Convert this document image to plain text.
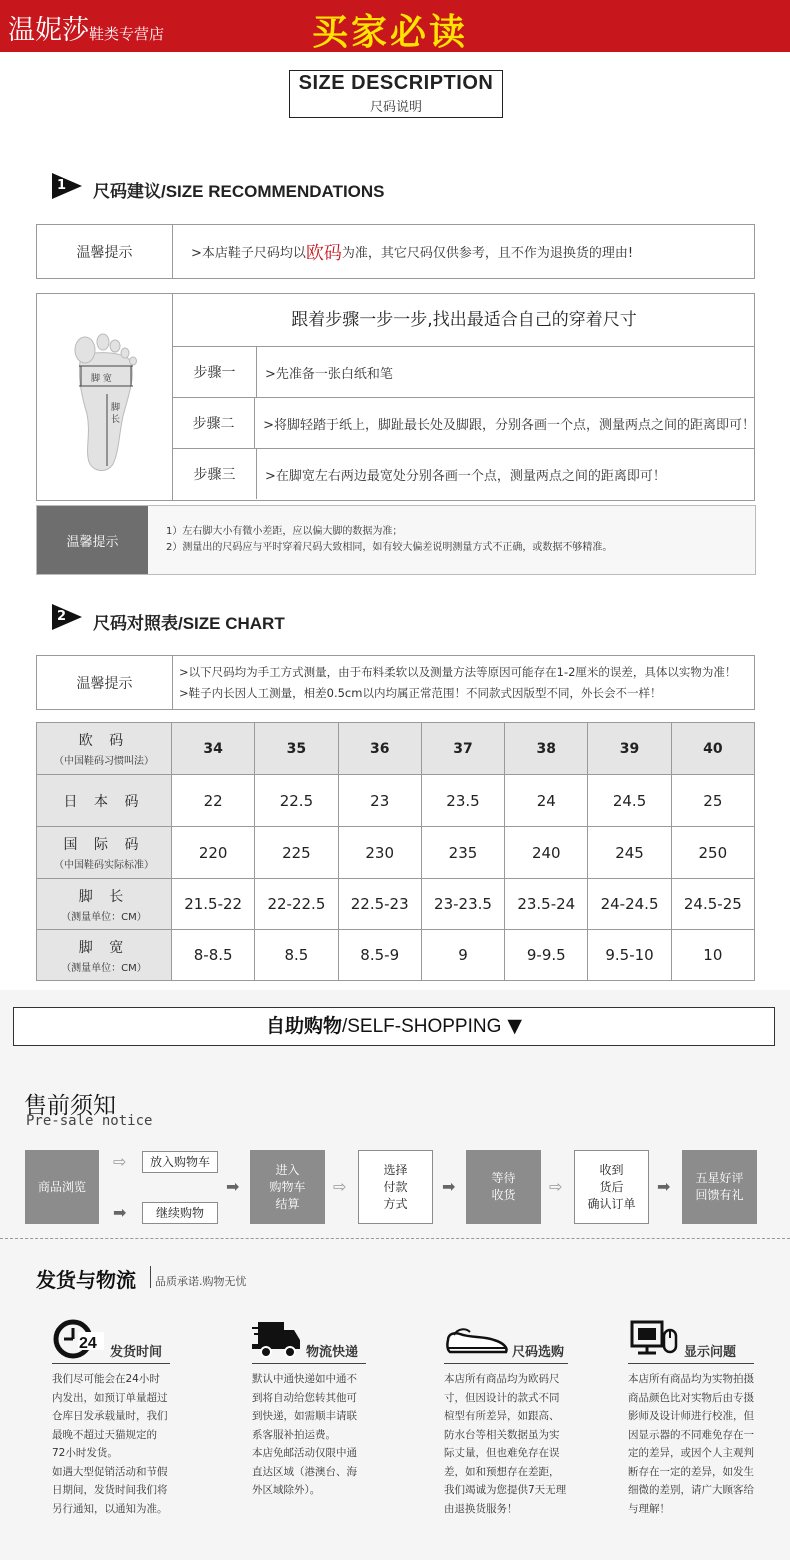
温妮莎鞋类专营店	买家必读
SIZE DESCRIPTION
尺码说明
1	尺码建议/SIZE RECOMMENDATIONS
温馨提示	>本店鞋子尺码均以 欧码 为准，其它尺码仅供参考，且不作为退换货的理由!
脚 宽
脚 长
跟着步骤一步一步,找出最适合自己的穿着尺寸
步骤一	>先准备一张白纸和笔
步骤二	>将脚轻踏于纸上，脚趾最长处及脚跟，分别各画一个点，测量两点之间的距离即可！
步骤三	>在脚宽左右两边最宽处分别各画一个点，测量两点之间的距离即可！
温馨提示
1）左右脚大小有微小差距，应以偏大脚的数据为准；
2）测量出的尺码应与平时穿着尺码大致相同，如有较大偏差说明测量方式不正确，或数据不够精准。
2	尺码对照表/SIZE CHART
温馨提示
>以下尺码均为手工方式测量，由于布料柔软以及测量方法等原因可能存在1-2厘米的误差，具体以实物为准！
>鞋子内长因人工测量，相差0.5cm以内均属正常范围！不同款式因版型不同，外长会不一样！
欧 码
（中国鞋码习惯叫法）	34	35	36	37	38	39	40

日 本 码	22	22.5	23	23.5	24	24.5	25

国 际 码
（中国鞋码实际标准）	220	225	230	235	240	245	250

脚 长
（测量单位：CM）	21.5-22	22-22.5	22.5-23	23-23.5	23.5-24	24-24.5	24.5-25

脚 宽
（测量单位：CM）	8-8.5	8.5	8.5-9	9	9-9.5	9.5-10	10
自助购物/SELF-SHOPPING ▼
售前须知
Pre-sale notice
商品浏览
⇨	放入购物车
➡	继续购物
➡
进入
购物车
结算
⇨
选择
付款
方式
➡	等待
收货 ⇨
收到
货后
确认订单
➡ 五星好评
回馈有礼
发货与物流 品质承诺.购物无忧
24
发货时间
我们尽可能会在24小时内发出，如预订单量超过仓库日发承载量时，我们最晚不超过天猫规定的72小时发货。
如遇大型促销活动和节假日期间，发货时间我们将另行通知，以通知为准。
物流快递
默认中通快递如中通不到将自动给您转其他可到快递，如需顺丰请联系客服补拍运费。
本店免邮活动仅限中通直达区域（港澳台、海外区域除外）。
尺码选购
本店所有商品均为欧码尺寸，但因设计的款式不同楦型有所差异，如跟高、防水台等相关数据虽为实际丈量，但也难免存在误差，如和预想存在差距，我们竭诚为您提供7天无理由退换货服务！
显示问题
本店所有商品均为实物拍摄商品颜色比对实物后由专摄影师及设计师进行校准，但因显示器的不同难免存在一定的差异，或因个人主观判断存在一定的差异，如发生细微的差别，请广大顾客给与理解！
